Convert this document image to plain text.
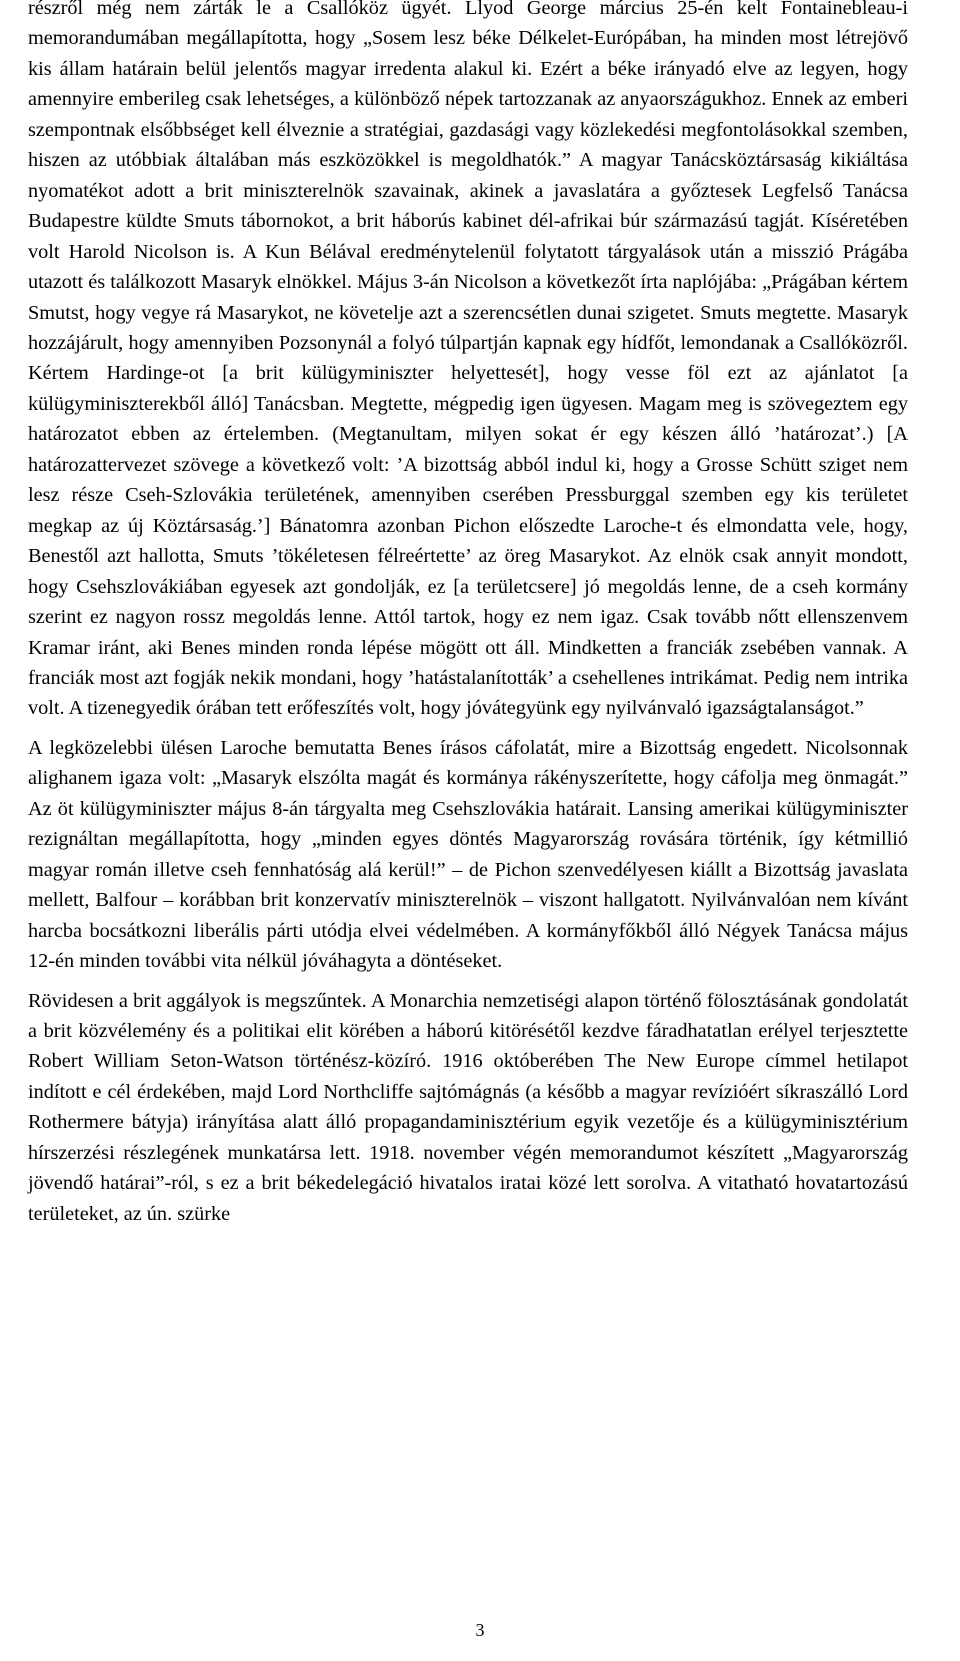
részről még nem zárták le a Csallóköz ügyét. Llyod George március 25-én kelt Fontainebleau-i memorandumában megállapította, hogy „Sosem lesz béke Délkelet-Európában, ha minden most létrejövő kis állam határain belül jelentős magyar irredenta alakul ki. Ezért a béke irányadó elve az legyen, hogy amennyire emberileg csak lehetséges, a különböző népek tartozzanak az anyaországukhoz. Ennek az emberi szempontnak elsőbbséget kell élveznie a stratégiai, gazdasági vagy közlekedési megfontolásokkal szemben, hiszen az utóbbiak általában más eszközökkel is megoldhatók.” A magyar Tanácsköztársaság kikiáltása nyomatékot adott a brit miniszterelnök szavainak, akinek a javaslatára a győztesek Legfelső Tanácsa Budapestre küldte Smuts tábornokot, a brit háborús kabinet dél-afrikai búr származású tagját. Kíséretében volt Harold Nicolson is. A Kun Bélával eredménytelenül folytatott tárgyalások után a misszió Prágába utazott és találkozott Masaryk elnökkel. Május 3-án Nicolson a következőt írta naplójába: „Prágában kértem Smutst, hogy vegye rá Masarykot, ne követelje azt a szerencsétlen dunai szigetet. Smuts megtette. Masaryk hozzájárult, hogy amennyiben Pozsonynál a folyó túlpartján kapnak egy hídfőt, lemondanak a Csallóközről. Kértem Hardinge-ot [a brit külügyminiszter helyettesét], hogy vesse föl ezt az ajánlatot [a külügyminiszterekből álló] Tanácsban. Megtette, mégpedig igen ügyesen. Magam meg is szövegeztem egy határozatot ebben az értelemben. (Megtanultam, milyen sokat ér egy készen álló ’határozat’.) [A határozattervezet szövege a következő volt: ’A bizottság abból indul ki, hogy a Grosse Schütt sziget nem lesz része Cseh-Szlovákia területének, amennyiben cserében Pressburggal szemben egy kis területet megkap az új Köztársaság.’] Bánatomra azonban Pichon előszedte Laroche-t és elmondatta vele, hogy, Benestől azt hallotta, Smuts ’tökéletesen félreértette’ az öreg Masarykot. Az elnök csak annyit mondott, hogy Csehszlovákiában egyesek azt gondolják, ez [a területcsere] jó megoldás lenne, de a cseh kormány szerint ez nagyon rossz megoldás lenne. Attól tartok, hogy ez nem igaz. Csak tovább nőtt ellenszenvem Kramar iránt, aki Benes minden ronda lépése mögött ott áll. Mindketten a franciák zsebében vannak. A franciák most azt fogják nekik mondani, hogy ’hatástalanították’ a csehellenes intrikámat. Pedig nem intrika volt. A tizenegyedik órában tett erőfeszítés volt, hogy jóvátegyünk egy nyilvánvaló igazságtalanságot.”

A legközelebbi ülésen Laroche bemutatta Benes írásos cáfolatát, mire a Bizottság engedett. Nicolsonnak alighanem igaza volt: „Masaryk elszólta magát és kormánya rákényszerítette, hogy cáfolja meg önmagát.” Az öt külügyminiszter május 8-án tárgyalta meg Csehszlovákia határait. Lansing amerikai külügyminiszter rezignáltan megállapította, hogy „minden egyes döntés Magyarország rovására történik, így kétmillió magyar román illetve cseh fennhatóság alá kerül!” – de Pichon szenvedélyesen kiállt a Bizottság javaslata mellett, Balfour – korábban brit konzervatív miniszterelnök – viszont hallgatott. Nyilvánvalóan nem kívánt harcba bocsátkozni liberális párti utódja elvei védelmében. A kormányfőkből álló Négyek Tanácsa május 12-én minden további vita nélkül jóváhagyta a döntéseket.

Rövidesen a brit aggályok is megszűntek. A Monarchia nemzetiségi alapon történő fölosztásának gondolatát a brit közvélemény és a politikai elit körében a háború kitörésétől kezdve fáradhatatlan erélyel terjesztette Robert William Seton-Watson történész-közíró. 1916 októberében The New Europe címmel hetilapot indított e cél érdekében, majd Lord Northcliffe sajtómágnás (a később a magyar revízióért síkraszálló Lord Rothermere bátyja) irányítása alatt álló propagandaminisztérium egyik vezetője és a külügyminisztérium hírszerzési részlegének munkatársa lett. 1918. november végén memorandumot készített „Magyarország jövendő határai”-ról, s ez a brit békedelegáció hivatalos iratai közé lett sorolva. A vitatható hovatartozású területeket, az ún. szürke

3
